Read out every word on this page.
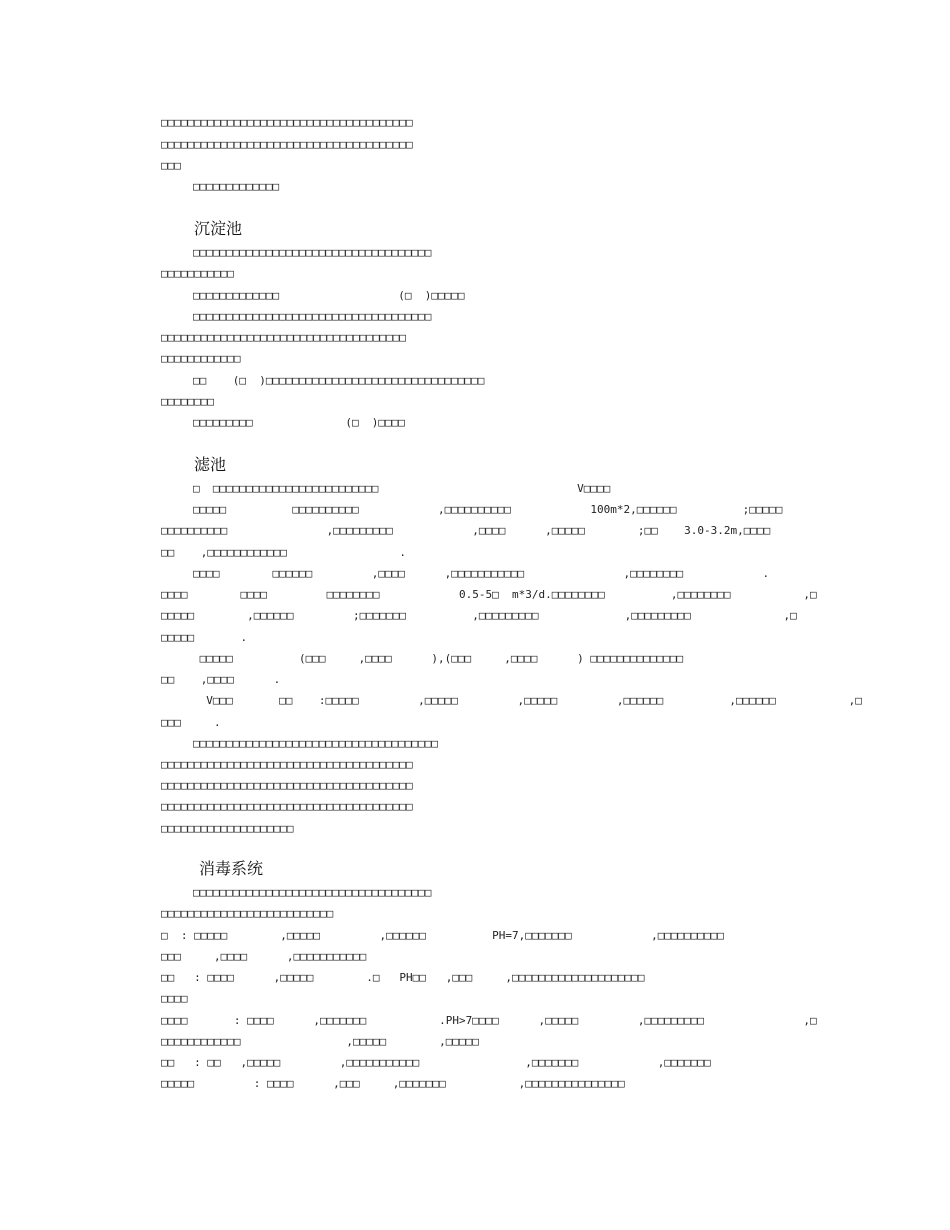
□□□□□□□□□□□□□□□□□□□□□□□□□□□□□□□□□□□□□□
□□□□□□□□□□□□□□□□□□□□□□□□□□□□□□□□□□□□□□
□□□
□□□□□□□□□□□□□
沉淀池
□□□□□□□□□□□□□□□□□□□□□□□□□□□□□□□□□□□□
□□□□□□□□□□□
□□□□□□□□□□□□□                  (□  )□□□□□
□□□□□□□□□□□□□□□□□□□□□□□□□□□□□□□□□□□□
□□□□□□□□□□□□□□□□□□□□□□□□□□□□□□□□□□□□□
□□□□□□□□□□□□
□□    (□  )□□□□□□□□□□□□□□□□□□□□□□□□□□□□□□□□□
□□□□□□□□
□□□□□□□□□              (□  )□□□□
滤池
□  □□□□□□□□□□□□□□□□□□□□□□□□□                              V□□□□
□□□□□          □□□□□□□□□□            ,□□□□□□□□□□            100m*2,□□□□□□          ;□□□□□
□□□□□□□□□□               ,□□□□□□□□□            ,□□□□      ,□□□□□        ;□□    3.0-3.2m,□□□□
□□    ,□□□□□□□□□□□□                 .
□□□□        □□□□□□         ,□□□□      ,□□□□□□□□□□□               ,□□□□□□□□            .
□□□□        □□□□         □□□□□□□□            0.5-5□  m*3/d.□□□□□□□□          ,□□□□□□□□           ,□
□□□□□        ,□□□□□□         ;□□□□□□□          ,□□□□□□□□□             ,□□□□□□□□□              ,□
□□□□□       .
□□□□□          (□□□     ,□□□□      ),(□□□     ,□□□□      ) □□□□□□□□□□□□□□
□□    ,□□□□      .
V□□□       □□    :□□□□□         ,□□□□□         ,□□□□□         ,□□□□□□          ,□□□□□□           ,□
□□□     .
□□□□□□□□□□□□□□□□□□□□□□□□□□□□□□□□□□□□□
□□□□□□□□□□□□□□□□□□□□□□□□□□□□□□□□□□□□□□
□□□□□□□□□□□□□□□□□□□□□□□□□□□□□□□□□□□□□□
□□□□□□□□□□□□□□□□□□□□□□□□□□□□□□□□□□□□□□
□□□□□□□□□□□□□□□□□□□□
消毒系统
□□□□□□□□□□□□□□□□□□□□□□□□□□□□□□□□□□□□
□□□□□□□□□□□□□□□□□□□□□□□□□□
□  : □□□□□        ,□□□□□         ,□□□□□□          PH=7,□□□□□□□            ,□□□□□□□□□□
□□□     ,□□□□      ,□□□□□□□□□□□
□□   : □□□□      ,□□□□□        .□   PH□□   ,□□□     ,□□□□□□□□□□□□□□□□□□□□
□□□□
□□□□       : □□□□      ,□□□□□□□           .PH>7□□□□      ,□□□□□         ,□□□□□□□□□               ,□
□□□□□□□□□□□□                ,□□□□□        ,□□□□□
□□   : □□   ,□□□□□         ,□□□□□□□□□□□                ,□□□□□□□            ,□□□□□□□
□□□□□         : □□□□      ,□□□     ,□□□□□□□           ,□□□□□□□□□□□□□□□
